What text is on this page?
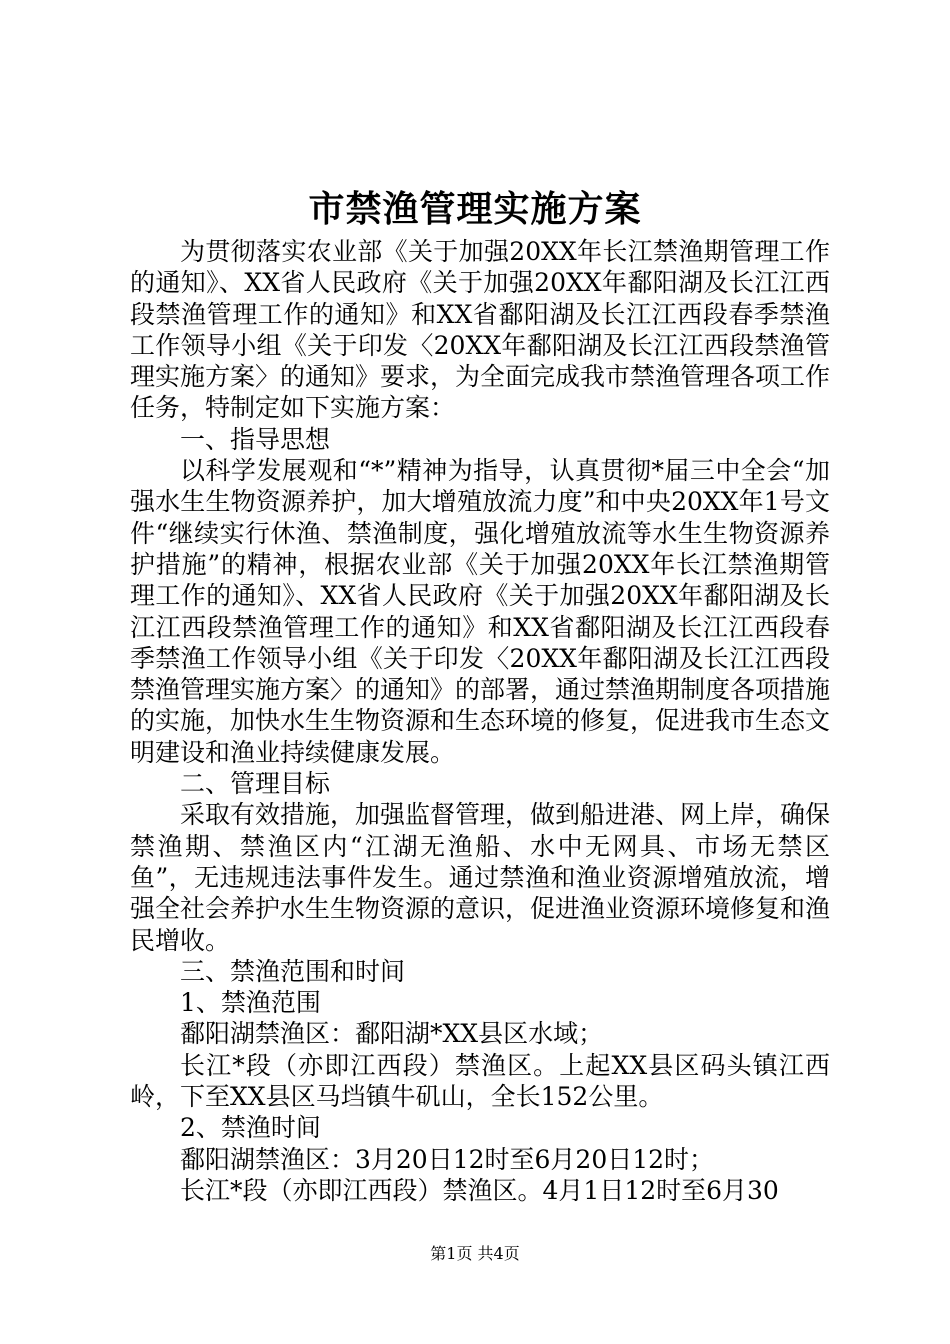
市禁渔管理实施方案

为贯彻落实农业部《关于加强20XX年长江禁渔期管理工作的通知》、XX省人民政府《关于加强20XX年鄱阳湖及长江江西段禁渔管理工作的通知》和XX省鄱阳湖及长江江西段春季禁渔工作领导小组《关于印发〈20XX年鄱阳湖及长江江西段禁渔管理实施方案〉的通知》要求，为全面完成我市禁渔管理各项工作任务，特制定如下实施方案：

一、指导思想

以科学发展观和“*”精神为指导，认真贯彻*届三中全会“加强水生生物资源养护，加大增殖放流力度”和中央20XX年1号文件“继续实行休渔、禁渔制度，强化增殖放流等水生生物资源养护措施”的精神，根据农业部《关于加强20XX年长江禁渔期管理工作的通知》、XX省人民政府《关于加强20XX年鄱阳湖及长江江西段禁渔管理工作的通知》和XX省鄱阳湖及长江江西段春季禁渔工作领导小组《关于印发〈20XX年鄱阳湖及长江江西段禁渔管理实施方案〉的通知》的部署，通过禁渔期制度各项措施的实施，加快水生生物资源和生态环境的修复，促进我市生态文明建设和渔业持续健康发展。

二、管理目标

采取有效措施，加强监督管理，做到船进港、网上岸，确保禁渔期、禁渔区内“江湖无渔船、水中无网具、市场无禁区鱼”，无违规违法事件发生。通过禁渔和渔业资源增殖放流，增强全社会养护水生生物资源的意识，促进渔业资源环境修复和渔民增收。

三、禁渔范围和时间

1、禁渔范围

鄱阳湖禁渔区：鄱阳湖*XX县区水域；

长江*段（亦即江西段）禁渔区。上起XX县区码头镇江西岭，下至XX县区马垱镇牛矶山，全长152公里。

2、禁渔时间

鄱阳湖禁渔区：3月20日12时至6月20日12时；

长江*段（亦即江西段）禁渔区。4月1日12时至6月30

第1页 共4页
